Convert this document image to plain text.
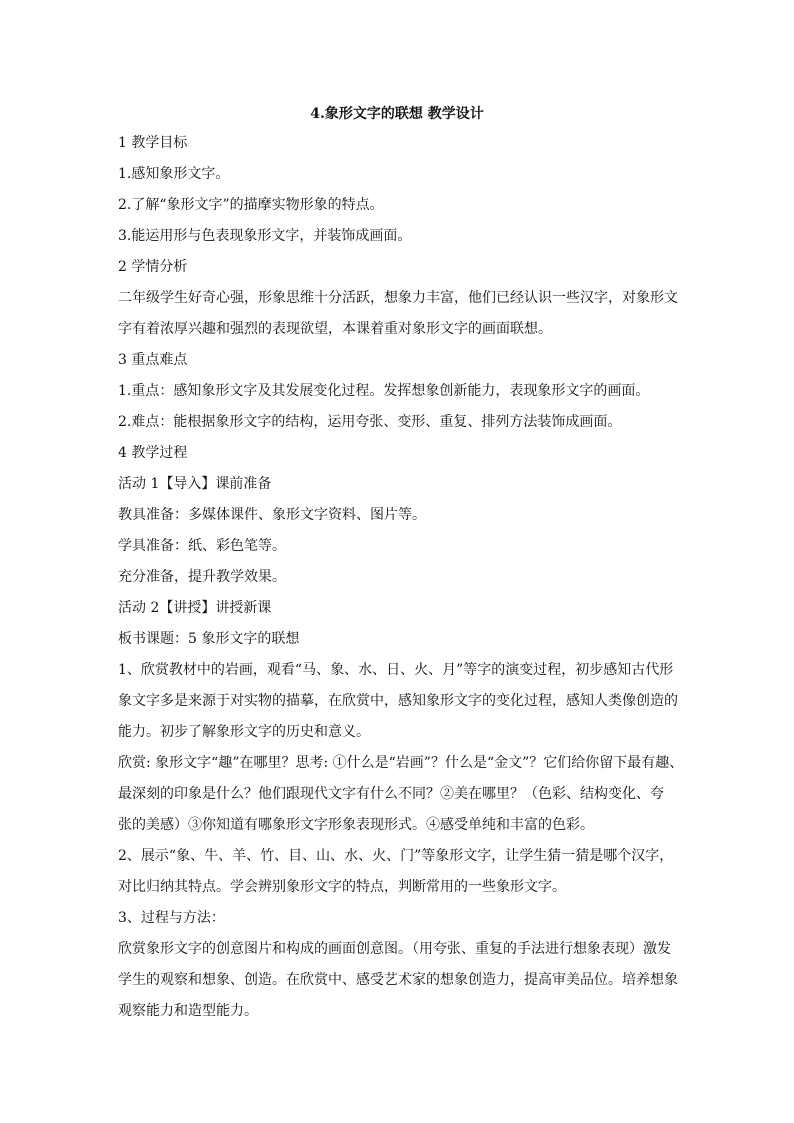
4.象形文字的联想 教学设计
1 教学目标
1.感知象形文字。
2.了解“象形文字”的描摩实物形象的特点。
3.能运用形与色表现象形文字，并装饰成画面。
2 学情分析
二年级学生好奇心强，形象思维十分活跃，想象力丰富，他们已经认识一些汉字，对象形文
字有着浓厚兴趣和强烈的表现欲望，本课着重对象形文字的画面联想。
3 重点难点
1.重点：感知象形文字及其发展变化过程。发挥想象创新能力，表现象形文字的画面。
2.难点：能根据象形文字的结构，运用夸张、变形、重复、排列方法装饰成画面。
4 教学过程
活动 1【导入】课前准备
教具准备：多媒体课件、象形文字资料、图片等。
学具准备：纸、彩色笔等。
充分准备，提升教学效果。
活动 2【讲授】讲授新课
板书课题：5 象形文字的联想
1、欣赏教材中的岩画，观看“马、象、水、日、火、月”等字的演变过程，初步感知古代形
象文字多是来源于对实物的描摹，在欣赏中，感知象形文字的变化过程，感知人类像创造的
能力。初步了解象形文字的历史和意义。
欣赏: 象形文字“趣”在哪里？思考: ①什么是“岩画”？什么是“金文”？它们给你留下最有趣、
最深刻的印象是什么？他们跟现代文字有什么不同？②美在哪里？（色彩、结构变化、夸
张的美感）③你知道有哪象形文字形象表现形式。④感受单纯和丰富的色彩。
2、展示“象、牛、羊、竹、目、山、水、火、门”等象形文字，让学生猜一猜是哪个汉字，
对比归纳其特点。学会辨别象形文字的特点，判断常用的一些象形文字。
3、过程与方法：
欣赏象形文字的创意图片和构成的画面创意图。（用夸张、重复的手法进行想象表现）激发
学生的观察和想象、创造。在欣赏中、感受艺术家的想象创造力，提高审美品位。培养想象
观察能力和造型能力。
